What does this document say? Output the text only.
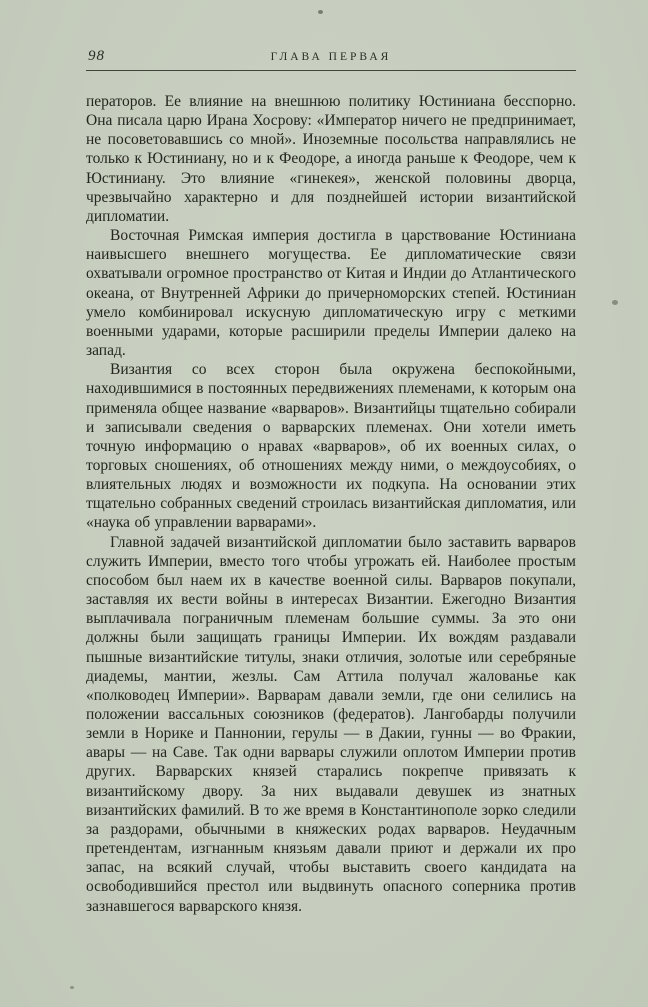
98	ГЛАВА ПЕРВАЯ

ператоров. Ее влияние на внешнюю политику Юстиниана бесспорно. Она писала царю Ирана Хосрову: «Император ничего не предпринимает, не посоветовавшись со мной». Иноземные посольства направлялись не только к Юстиниану, но и к Феодоре, а иногда раньше к Феодоре, чем к Юстиниану. Это влияние «гинекея», женской половины дворца, чрезвычайно характерно и для позднейшей истории византийской дипломатии.

Восточная Римская империя достигла в царствование Юстиниана наивысшего внешнего могущества. Ее дипломатические связи охватывали огромное пространство от Китая и Индии до Атлантического океана, от Внутренней Африки до причерноморских степей. Юстиниан умело комбинировал искусную дипломатическую игру с меткими военными ударами, которые расширили пределы Империи далеко на запад.

Византия со всех сторон была окружена беспокойными, находившимися в постоянных передвижениях племенами, к которым она применяла общее название «варваров». Византийцы тщательно собирали и записывали сведения о варварских племенах. Они хотели иметь точную информацию о нравах «варваров», об их военных силах, о торговых сношениях, об отношениях между ними, о междоусобиях, о влиятельных людях и возможности их подкупа. На основании этих тщательно собранных сведений строилась византийская дипломатия, или «наука об управлении варварами».

Главной задачей византийской дипломатии было заставить варваров служить Империи, вместо того чтобы угрожать ей. Наиболее простым способом был наем их в качестве военной силы. Варваров покупали, заставляя их вести войны в интересах Византии. Ежегодно Византия выплачивала пограничным племенам большие суммы. За это они должны были защищать границы Империи. Их вождям раздавали пышные византийские титулы, знаки отличия, золотые или серебряные диадемы, мантии, жезлы. Сам Аттила получал жалованье как «полководец Империи». Варварам давали земли, где они селились на положении вассальных союзников (федератов). Лангобарды получили земли в Норике и Паннонии, герулы — в Дакии, гунны — во Фракии, авары — на Саве. Так одни варвары служили оплотом Империи против других. Варварских князей старались покрепче привязать к византийскому двору. За них выдавали девушек из знатных византийских фамилий. В то же время в Константинополе зорко следили за раздорами, обычными в княжеских родах варваров. Неудачным претендентам, изгнанным князьям давали приют и держали их про запас, на всякий случай, чтобы выставить своего кандидата на освободившийся престол или выдвинуть опасного соперника против зазнавшегося варварского князя.
